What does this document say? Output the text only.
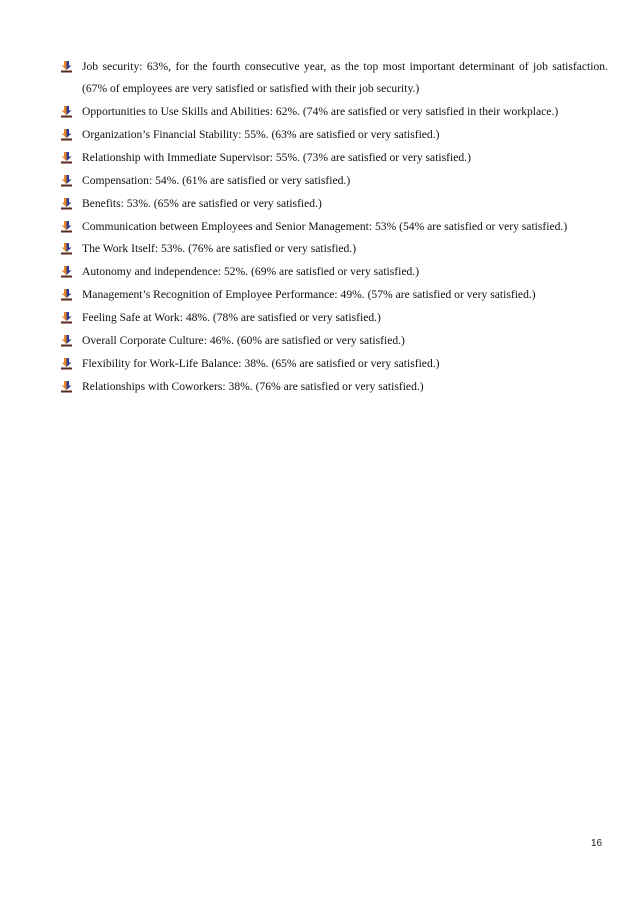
Job security: 63%, for the fourth consecutive year, as the top most important determinant of job satisfaction. (67% of employees are very satisfied or satisfied with their job security.)
Opportunities to Use Skills and Abilities: 62%. (74% are satisfied or very satisfied in their workplace.)
Organization’s Financial Stability: 55%. (63% are satisfied or very satisfied.)
Relationship with Immediate Supervisor: 55%. (73% are satisfied or very satisfied.)
Compensation: 54%. (61% are satisfied or very satisfied.)
Benefits: 53%. (65% are satisfied or very satisfied.)
Communication between Employees and Senior Management: 53% (54% are satisfied or very satisfied.)
The Work Itself: 53%. (76% are satisfied or very satisfied.)
Autonomy and independence: 52%. (69% are satisfied or very satisfied.)
Management’s Recognition of Employee Performance: 49%. (57% are satisfied or very satisfied.)
Feeling Safe at Work: 48%. (78% are satisfied or very satisfied.)
Overall Corporate Culture: 46%. (60% are satisfied or very satisfied.)
Flexibility for Work-Life Balance: 38%. (65% are satisfied or very satisfied.)
Relationships with Coworkers: 38%. (76% are satisfied or very satisfied.)
16
